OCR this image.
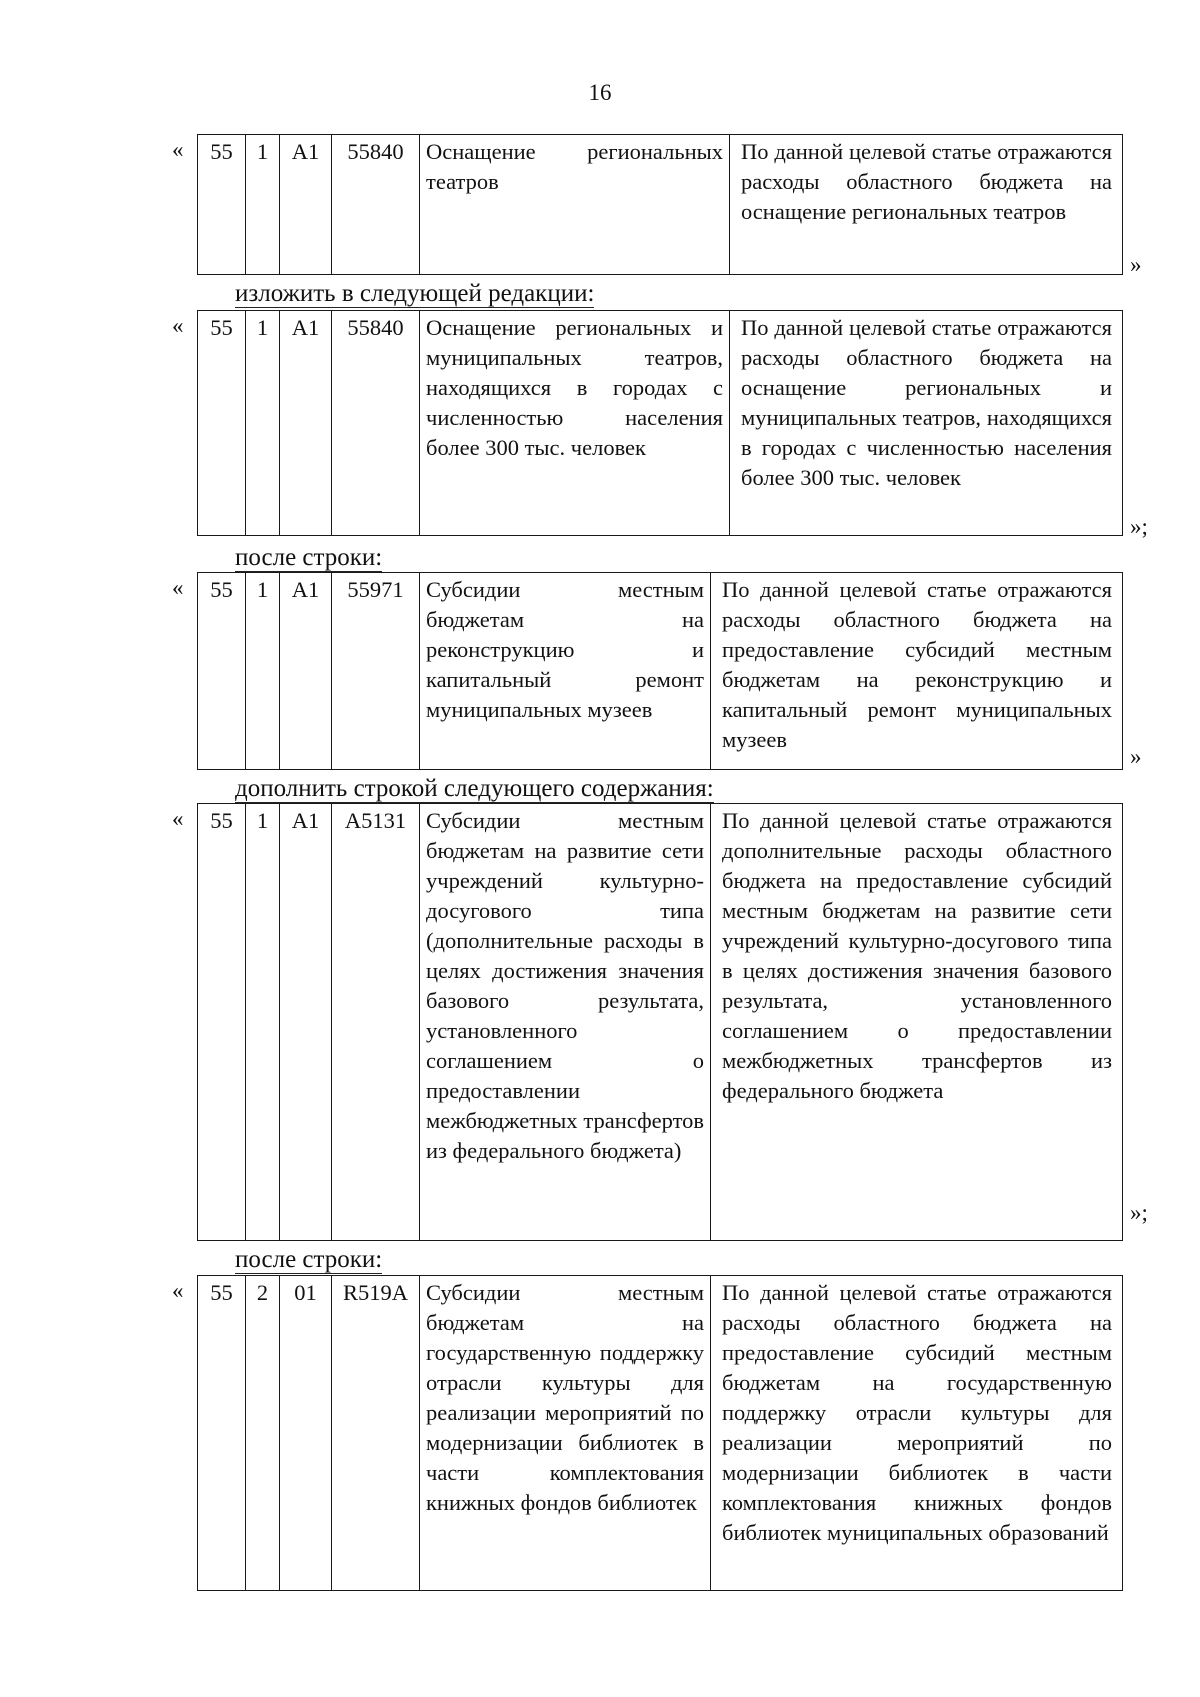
16
« 55	1	A1	55840	Оснащение региональных театров	По данной целевой статье отражаются расходы областного бюджета на оснащение региональных театров
»
изложить в следующей редакции:
« 55	1	A1	55840	Оснащение региональных и муниципальных театров, находящихся в городах с численностью населения более 300 тыс. человек	По данной целевой статье отражаются расходы областного бюджета на оснащение региональных и муниципальных театров, находящихся в городах с численностью населения более 300 тыс. человек
»;
после строки:
55	1	A1	55971	Субсидии местным бюджетам на реконструкцию и капитальный ремонт муниципальных музеев	По данной целевой статье отражаются расходы областного бюджета на предоставление субсидий местным бюджетам на реконструкцию и капитальный ремонт муниципальных музеев
«
»
дополнить строкой следующего содержания:
« 55	1	A1	A5131	Субсидии местным бюджетам на развитие сети учреждений культурно-досугового типа (дополнительные расходы в целях достижения значения базового результата, установленного соглашением о предоставлении межбюджетных трансфертов из федерального бюджета)	По данной целевой статье отражаются дополнительные расходы областного бюджета на предоставление субсидий местным бюджетам на развитие сети учреждений культурно-досугового типа в целях достижения значения базового результата, установленного соглашением о предоставлении межбюджетных трансфертов из федерального бюджета
»;
после строки:
« 55	2	01	R519A	Субсидии местным бюджетам на государственную поддержку отрасли культуры для реализации мероприятий по модернизации библиотек в части комплектования книжных фондов библиотек	По данной целевой статье отражаются расходы областного бюджета на предоставление субсидий местным бюджетам на государственную поддержку отрасли культуры для реализации мероприятий по модернизации библиотек в части комплектования книжных фондов библиотек муниципальных образований
